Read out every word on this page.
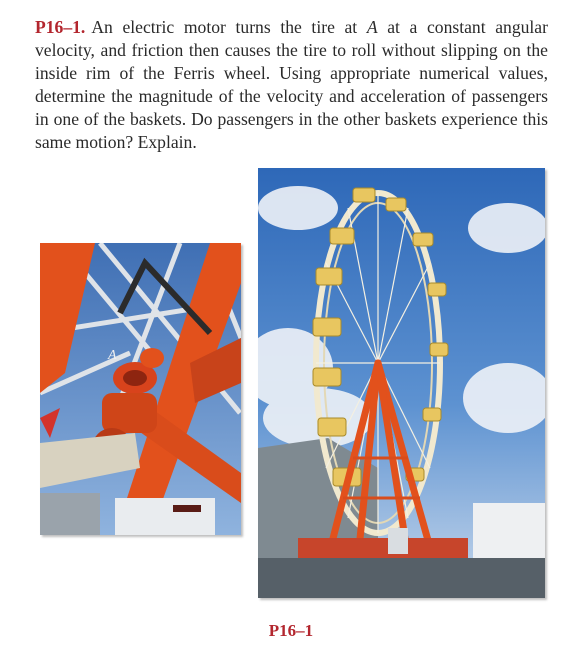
P16–1. An electric motor turns the tire at A at a constant angular velocity, and friction then causes the tire to roll without slipping on the inside rim of the Ferris wheel. Using appropriate numerical values, determine the magnitude of the velocity and acceleration of passengers in one of the baskets. Do passengers in the other baskets experience this same motion? Explain.

A
P16–1
